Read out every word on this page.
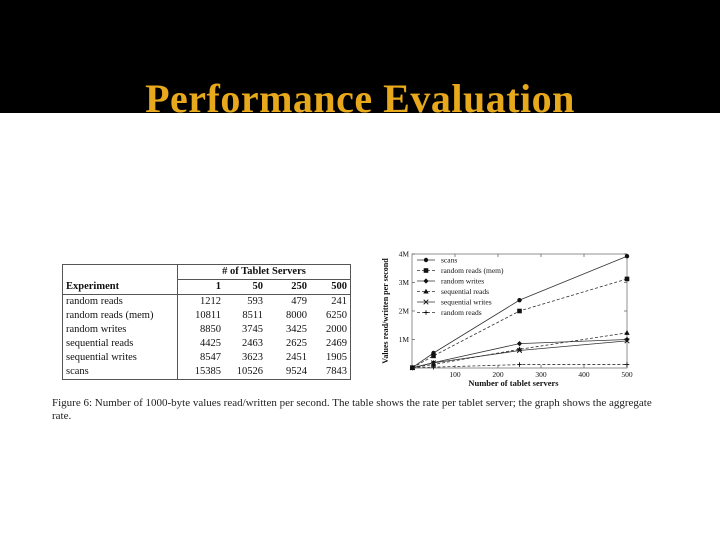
Performance Evaluation
Experiment	# of Tablet Servers			
	1	50	250	500
random reads	1212	593	479	241
random reads (mem)	10811	8511	8000	6250
random writes	8850	3745	3425	2000
sequential reads	4425	2463	2625	2469
sequential writes	8547	3623	2451	1905
scans	15385	10526	9524	7843
1M
2M
3M
4M
100	200	300	400	500
Number of tablet servers
Values read/written per second	scans
random reads (mem)
random writes
sequential reads
sequential writes
random reads
Figure 6: Number of 1000-byte values read/written per second. The table shows the rate per tablet server; the graph shows the aggregate rate.
